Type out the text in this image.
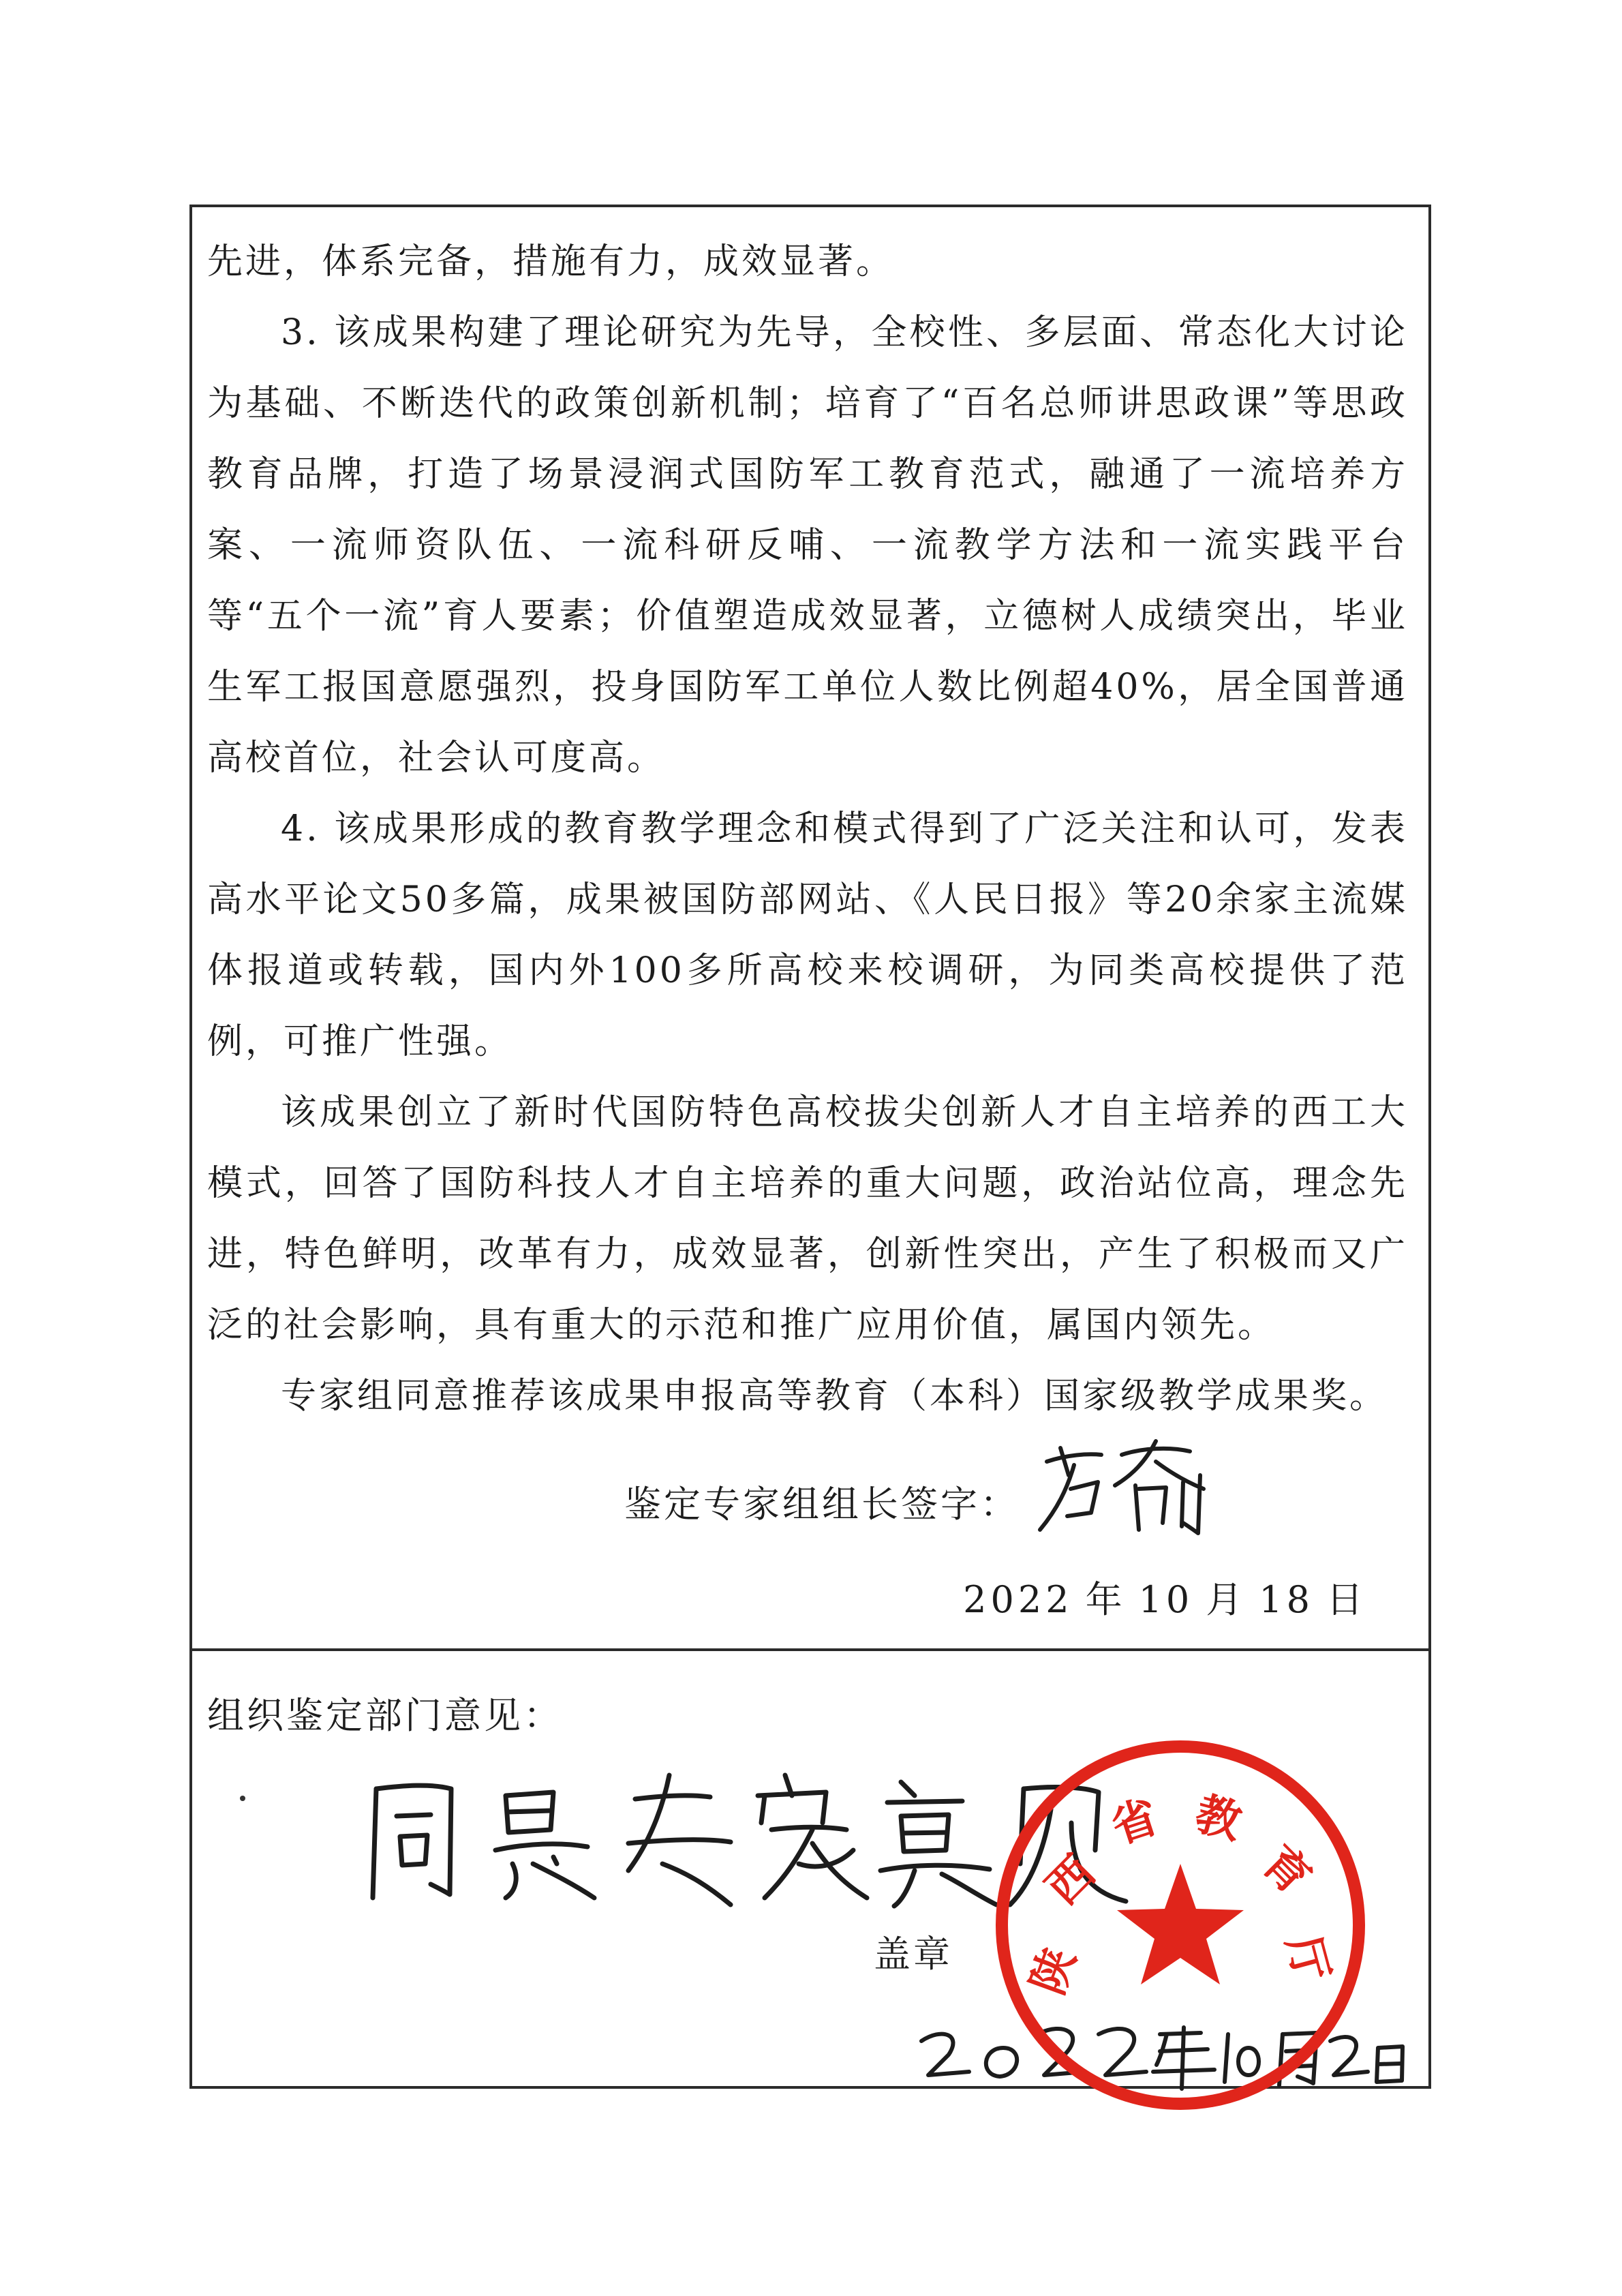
先进，体系完备，措施有力，成效显著。

3. 该成果构建了理论研究为先导，全校性、多层面、常态化大讨论为基础、不断迭代的政策创新机制；培育了“百名总师讲思政课”等思政教育品牌，打造了场景浸润式国防军工教育范式，融通了一流培养方案、一流师资队伍、一流科研反哺、一流教学方法和一流实践平台等“五个一流”育人要素；价值塑造成效显著，立德树人成绩突出，毕业生军工报国意愿强烈，投身国防军工单位人数比例超40%，居全国普通高校首位，社会认可度高。

4. 该成果形成的教育教学理念和模式得到了广泛关注和认可，发表高水平论文50多篇，成果被国防部网站、《人民日报》等20余家主流媒体报道或转载，国内外100多所高校来校调研，为同类高校提供了范例，可推广性强。

该成果创立了新时代国防特色高校拔尖创新人才自主培养的西工大模式，回答了国防科技人才自主培养的重大问题，政治站位高，理念先进，特色鲜明，改革有力，成效显著，创新性突出，产生了积极而又广泛的社会影响，具有重大的示范和推广应用价值，属国内领先。

专家组同意推荐该成果申报高等教育（本科）国家级教学成果奖。

鉴定专家组组长签字：
2022 年 10 月 18 日
组织鉴定部门意见：
盖章 陕
西
省 教
育
厅
